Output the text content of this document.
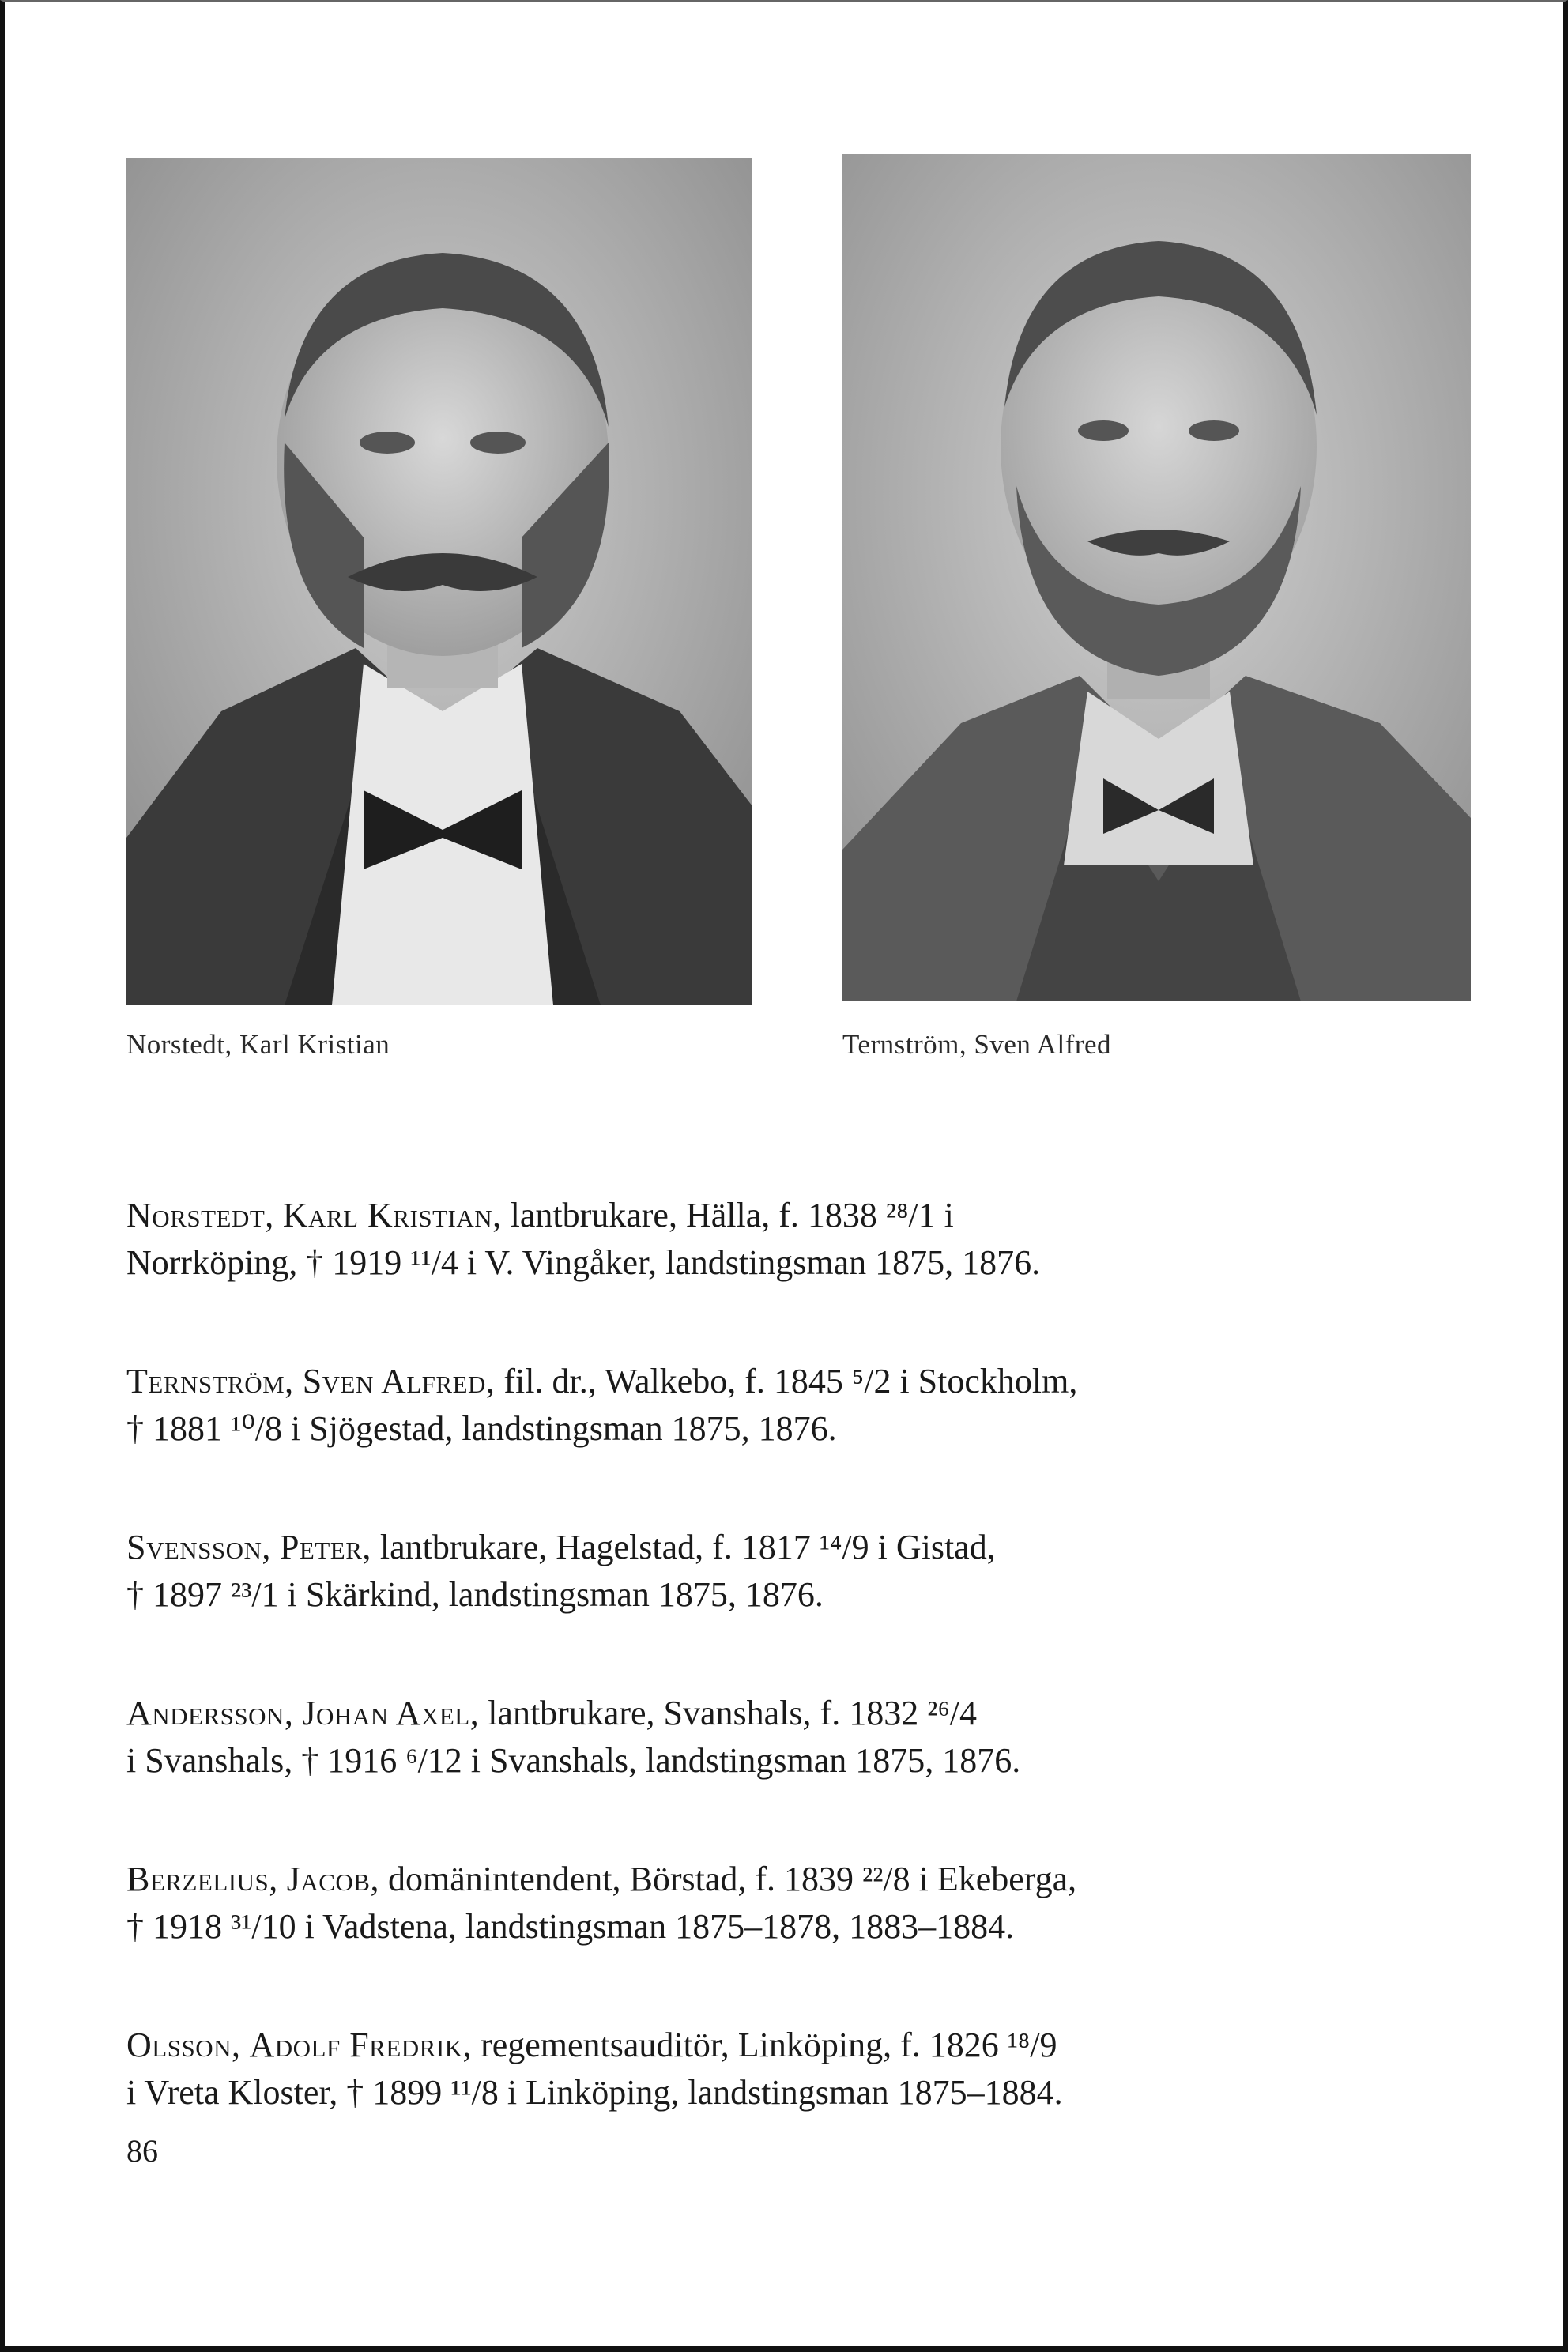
Norstedt, Karl Kristian	Ternström, Sven Alfred
Norstedt, Karl Kristian, lantbrukare, Hälla, f. 1838 ²⁸/1 i
Norrköping, † 1919 ¹¹/4 i V. Vingåker, landstingsman 1875, 1876.
Ternström, Sven Alfred, fil. dr., Walkebo, f. 1845 ⁵/2 i Stockholm,
† 1881 ¹⁰/8 i Sjögestad, landstingsman 1875, 1876.
Svensson, Peter, lantbrukare, Hagelstad, f. 1817 ¹⁴/9 i Gistad,
† 1897 ²³/1 i Skärkind, landstingsman 1875, 1876.
Andersson, Johan Axel, lantbrukare, Svanshals, f. 1832 ²⁶/4
i Svanshals, † 1916 ⁶/12 i Svanshals, landstingsman 1875, 1876.
Berzelius, Jacob, domänintendent, Börstad, f. 1839 ²²/8 i Ekeberga,
† 1918 ³¹/10 i Vadstena, landstingsman 1875–1878, 1883–1884.
Olsson, Adolf Fredrik, regementsauditör, Linköping, f. 1826 ¹⁸/9
i Vreta Kloster, † 1899 ¹¹/8 i Linköping, landstingsman 1875–1884.
86
